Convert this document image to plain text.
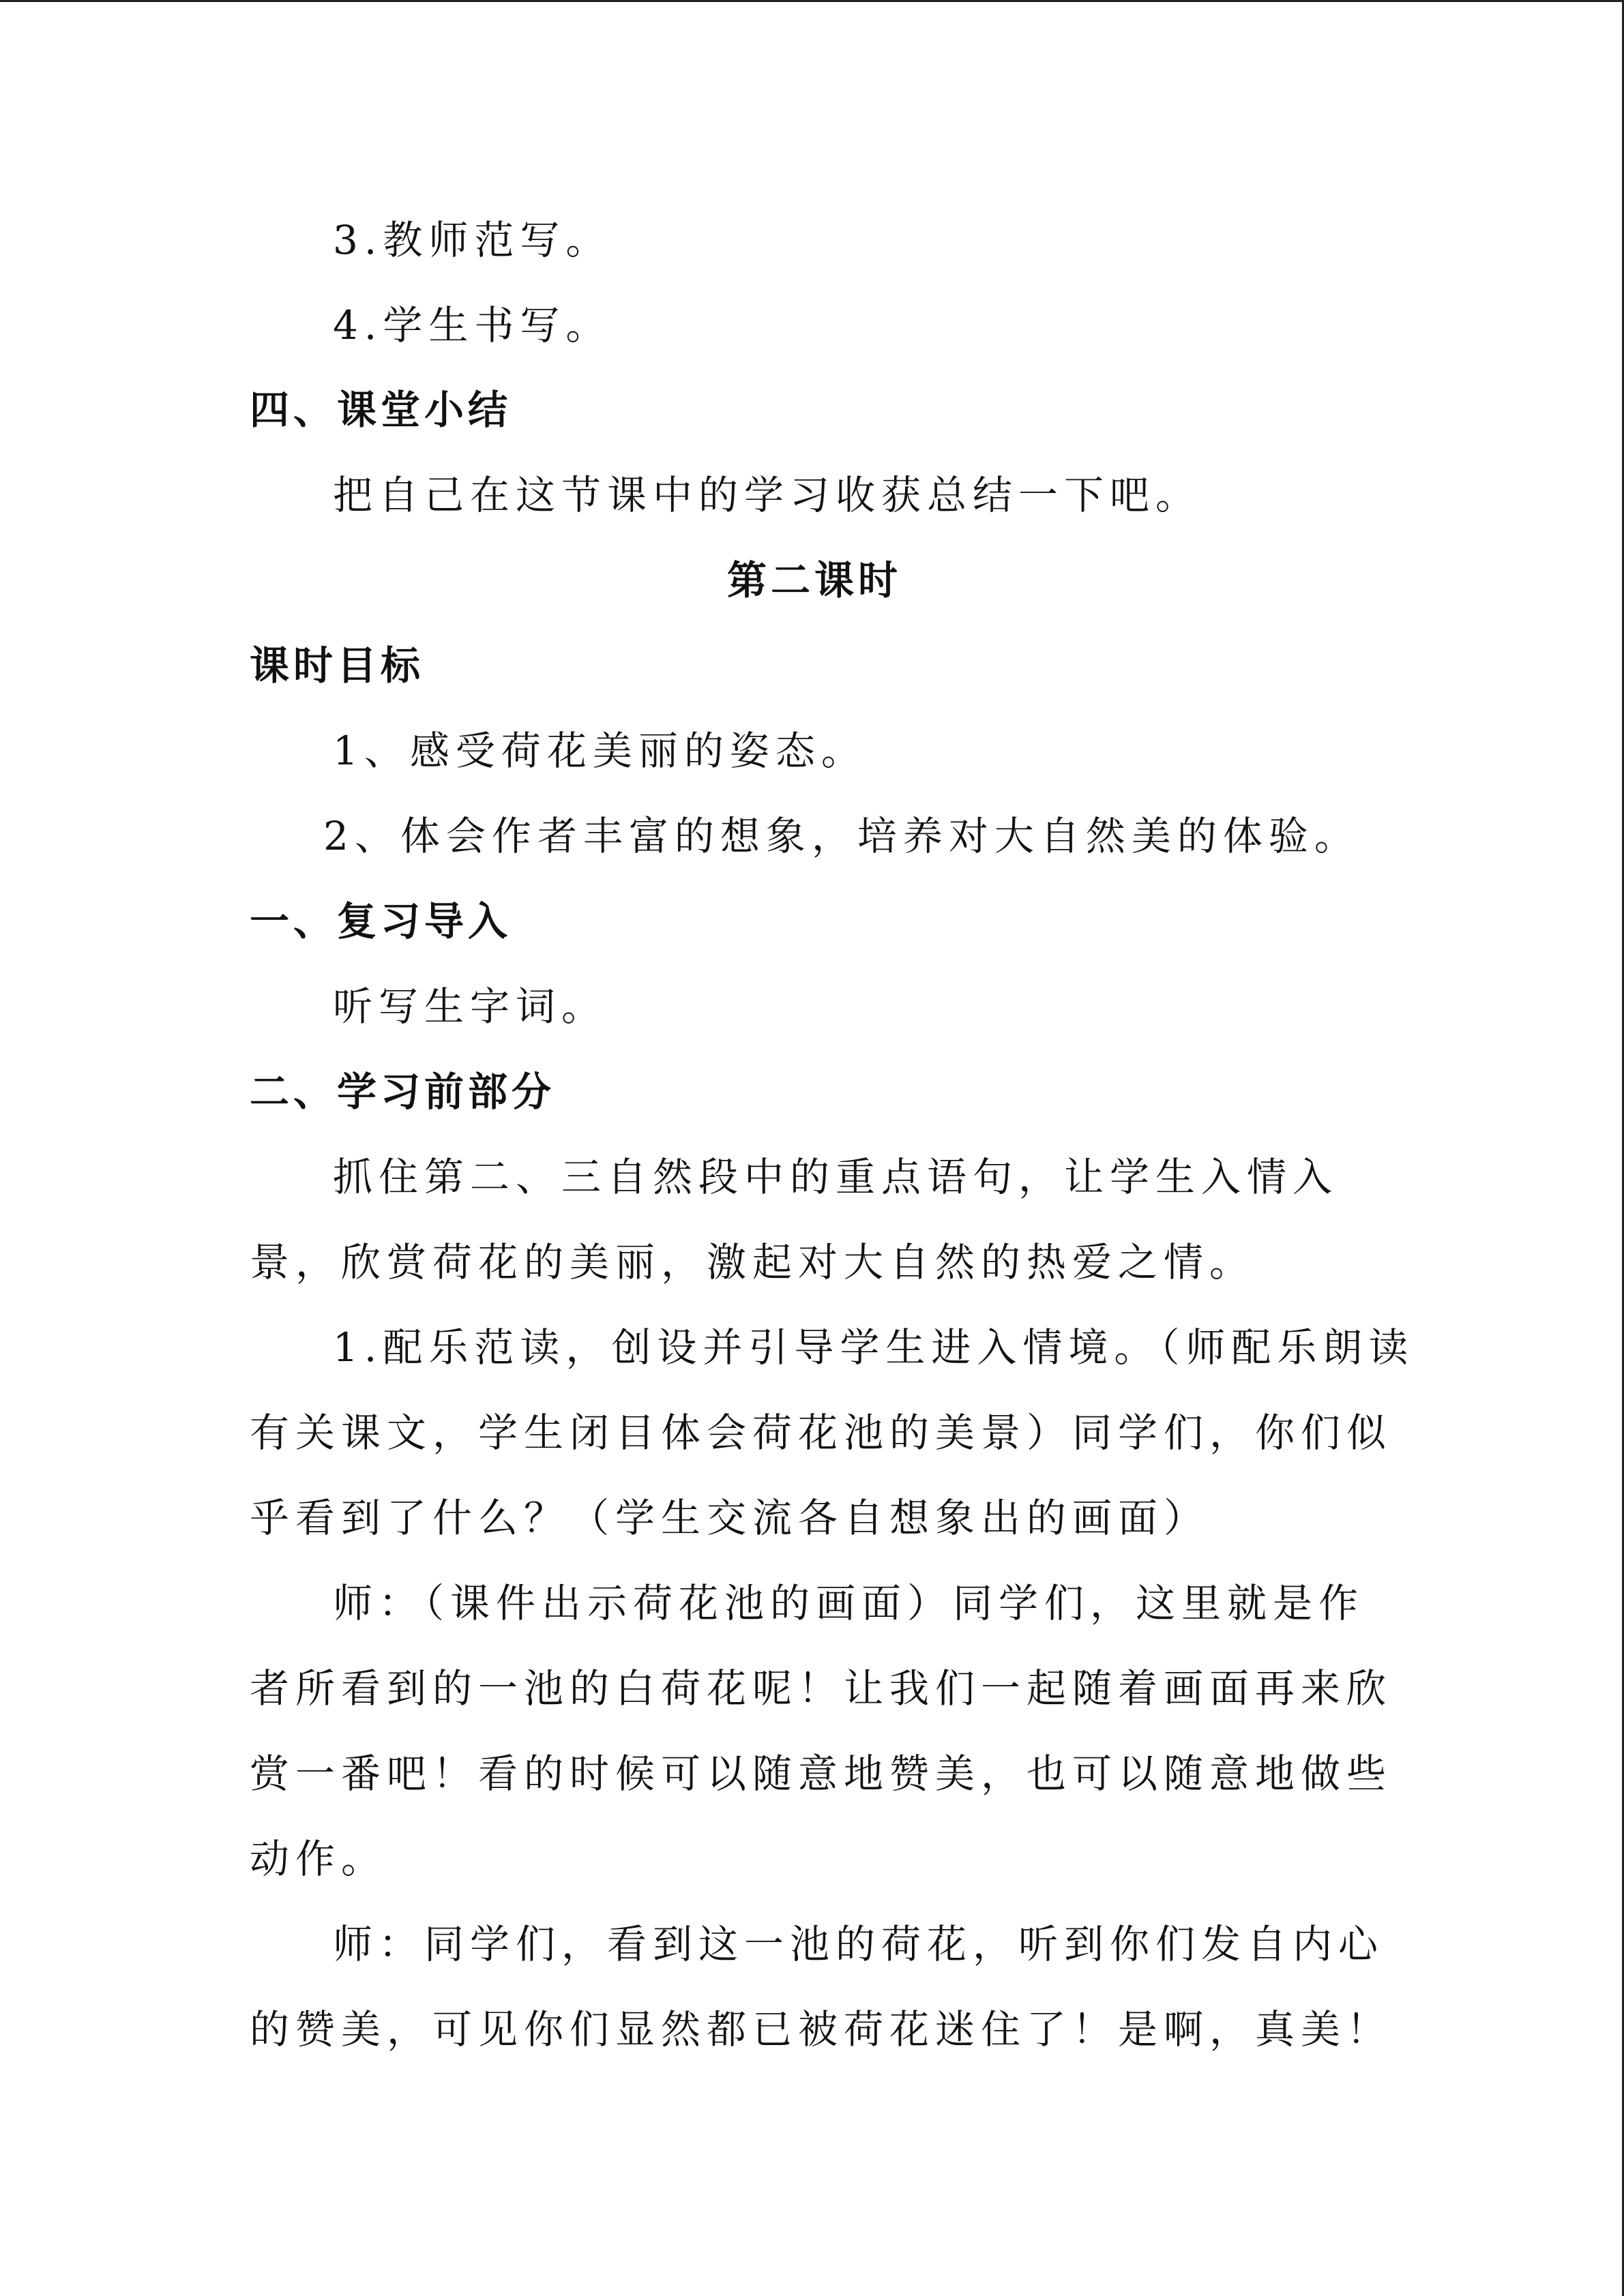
3.教师范写。

4.学生书写。

四、课堂小结

把自己在这节课中的学习收获总结一下吧。

第二课时

课时目标

1、感受荷花美丽的姿态。

2、体会作者丰富的想象，培养对大自然美的体验。

一、复习导入

听写生字词。

二、学习前部分

抓住第二、三自然段中的重点语句，让学生入情入

景，欣赏荷花的美丽，激起对大自然的热爱之情。

1.配乐范读，创设并引导学生进入情境。（师配乐朗读

有关课文，学生闭目体会荷花池的美景）同学们，你们似

乎看到了什么？（学生交流各自想象出的画面）

师：（课件出示荷花池的画面）同学们，这里就是作

者所看到的一池的白荷花呢！让我们一起随着画面再来欣

赏一番吧！看的时候可以随意地赞美，也可以随意地做些

动作。

师：同学们，看到这一池的荷花，听到你们发自内心

的赞美，可见你们显然都已被荷花迷住了！是啊，真美！
